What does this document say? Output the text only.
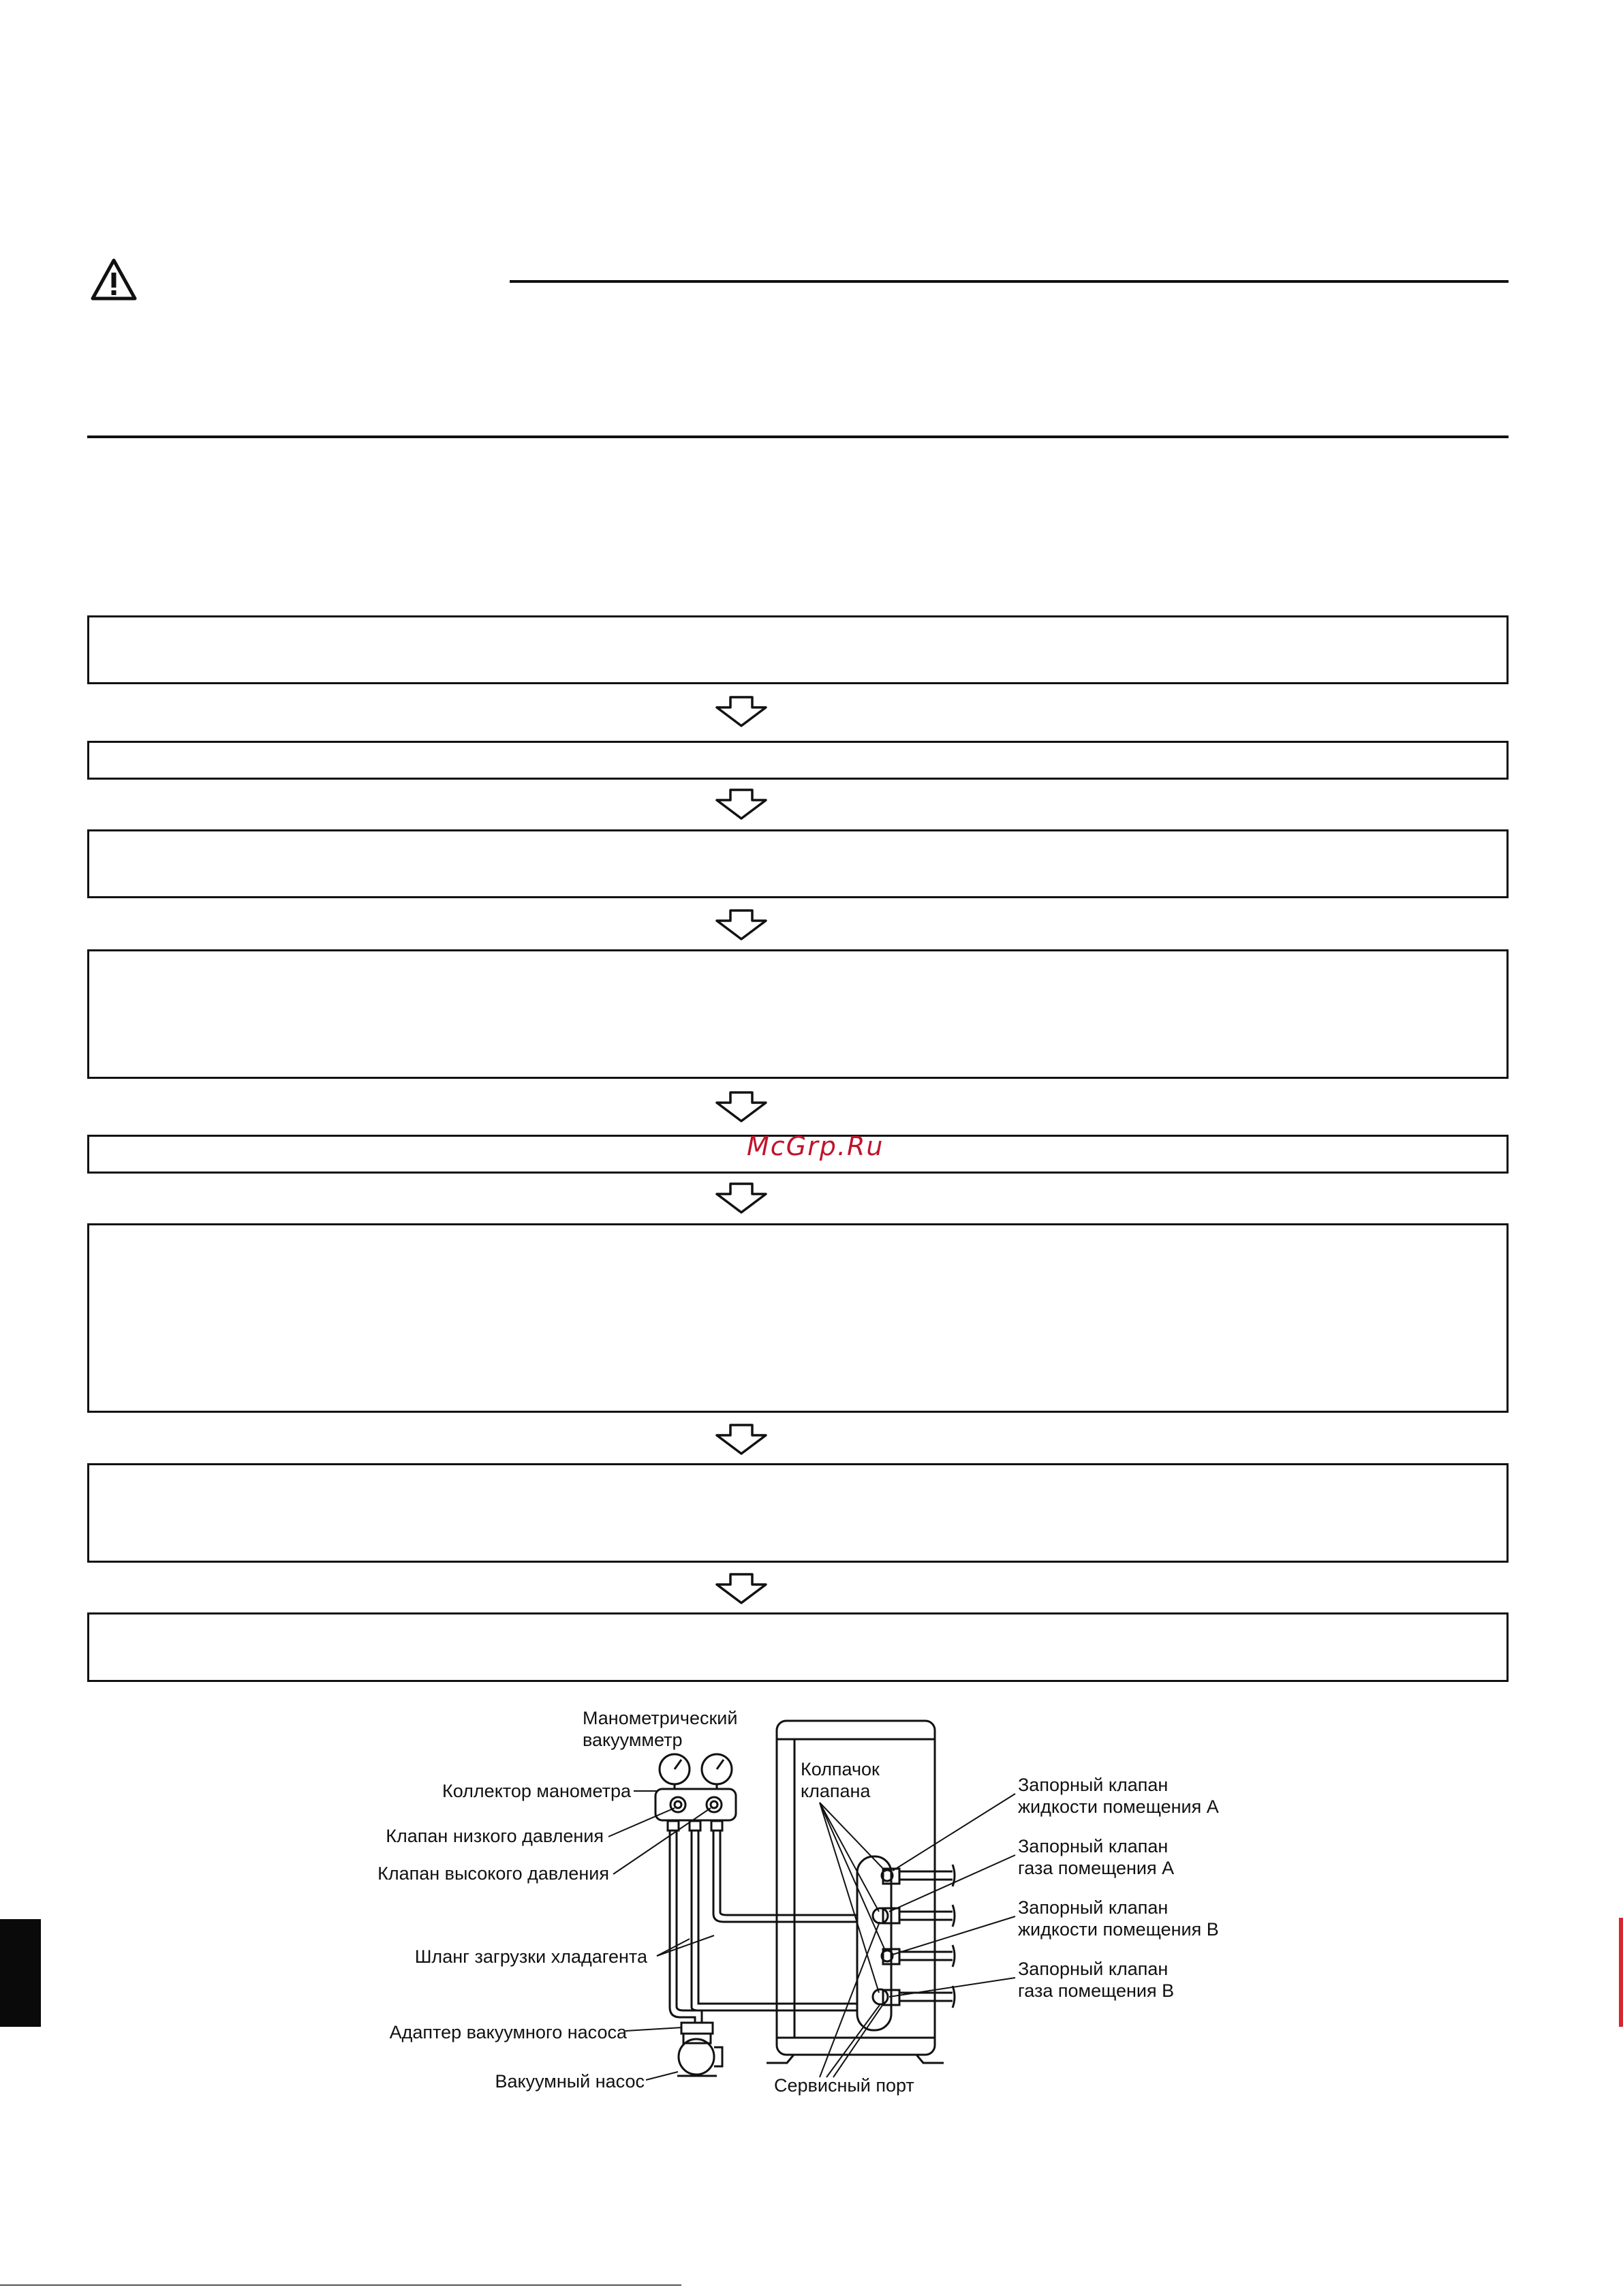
McGrp.Ru
Манометрический
вакуумметр
Коллектор манометра
Клапан низкого давления
Клапан высокого давления
Шланг загрузки хладагента
Адаптер вакуумного насоса
Вакуумный насос
Колпачок
клапана
Сервисный порт
Запорный клапан
жидкости помещения A
Запорный клапан
газа помещения A
Запорный клапан
жидкости помещения B
Запорный клапан
газа помещения B
